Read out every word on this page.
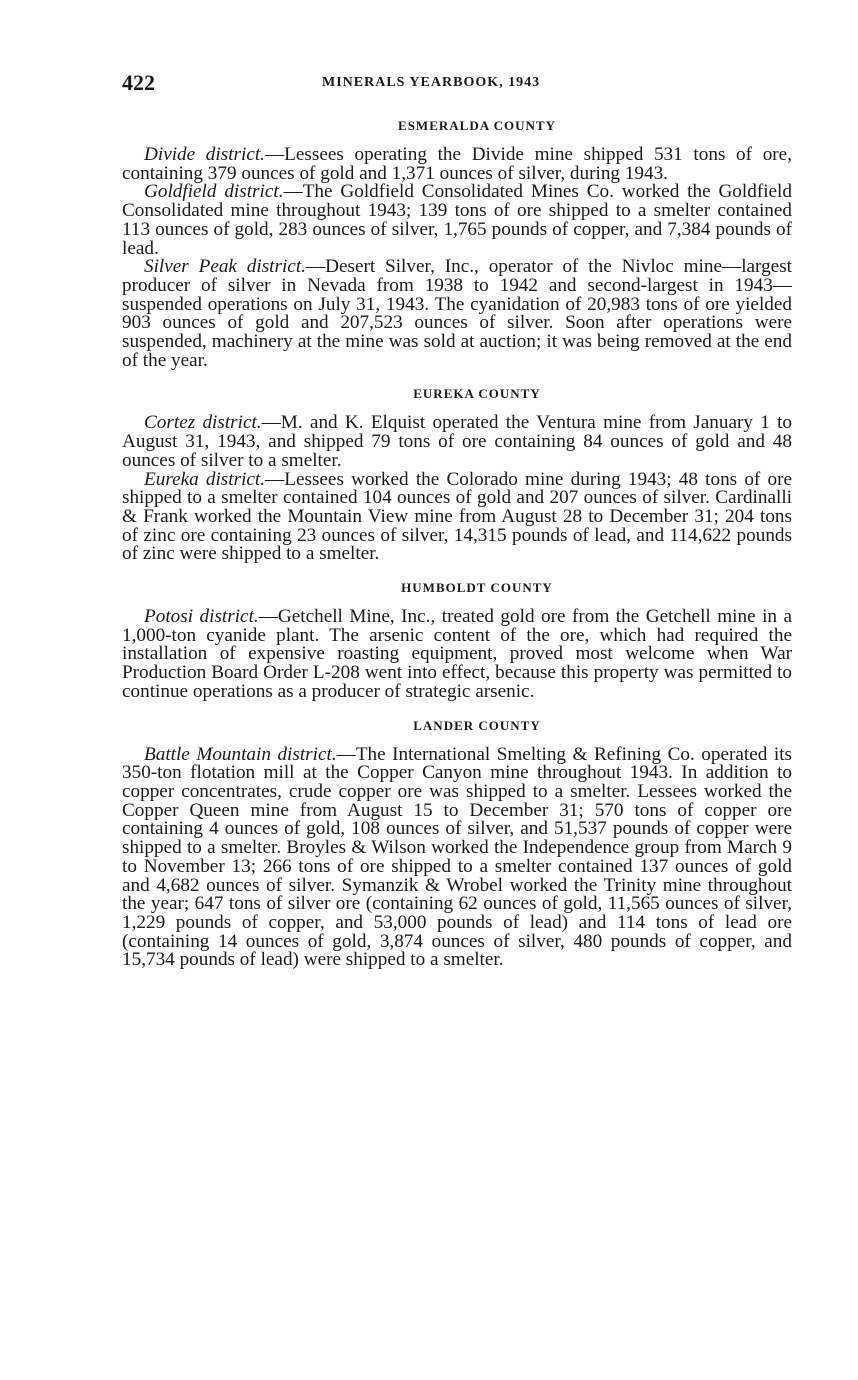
422	MINERALS YEARBOOK, 1943
ESMERALDA COUNTY

Divide district.—Lessees operating the Divide mine shipped 531 tons of ore, containing 379 ounces of gold and 1,371 ounces of silver, during 1943.

Goldfield district.—The Goldfield Consolidated Mines Co. worked the Goldfield Consolidated mine throughout 1943; 139 tons of ore shipped to a smelter contained 113 ounces of gold, 283 ounces of silver, 1,765 pounds of copper, and 7,384 pounds of lead.

Silver Peak district.—Desert Silver, Inc., operator of the Nivloc mine—largest producer of silver in Nevada from 1938 to 1942 and second-largest in 1943—suspended operations on July 31, 1943. The cyanidation of 20,983 tons of ore yielded 903 ounces of gold and 207,523 ounces of silver. Soon after operations were suspended, machinery at the mine was sold at auction; it was being removed at the end of the year.

EUREKA COUNTY

Cortez district.—M. and K. Elquist operated the Ventura mine from January 1 to August 31, 1943, and shipped 79 tons of ore containing 84 ounces of gold and 48 ounces of silver to a smelter.

Eureka district.—Lessees worked the Colorado mine during 1943; 48 tons of ore shipped to a smelter contained 104 ounces of gold and 207 ounces of silver. Cardinalli & Frank worked the Mountain View mine from August 28 to December 31; 204 tons of zinc ore containing 23 ounces of silver, 14,315 pounds of lead, and 114,622 pounds of zinc were shipped to a smelter.

HUMBOLDT COUNTY

Potosi district.—Getchell Mine, Inc., treated gold ore from the Getchell mine in a 1,000-ton cyanide plant. The arsenic content of the ore, which had required the installation of expensive roasting equipment, proved most welcome when War Production Board Order L-208 went into effect, because this property was permitted to continue operations as a producer of strategic arsenic.

LANDER COUNTY

Battle Mountain district.—The International Smelting & Refining Co. operated its 350-ton flotation mill at the Copper Canyon mine throughout 1943. In addition to copper concentrates, crude copper ore was shipped to a smelter. Lessees worked the Copper Queen mine from August 15 to December 31; 570 tons of copper ore containing 4 ounces of gold, 108 ounces of silver, and 51,537 pounds of copper were shipped to a smelter. Broyles & Wilson worked the Independence group from March 9 to November 13; 266 tons of ore shipped to a smelter contained 137 ounces of gold and 4,682 ounces of silver. Symanzik & Wrobel worked the Trinity mine throughout the year; 647 tons of silver ore (containing 62 ounces of gold, 11,565 ounces of silver, 1,229 pounds of copper, and 53,000 pounds of lead) and 114 tons of lead ore (containing 14 ounces of gold, 3,874 ounces of silver, 480 pounds of copper, and 15,734 pounds of lead) were shipped to a smelter.
